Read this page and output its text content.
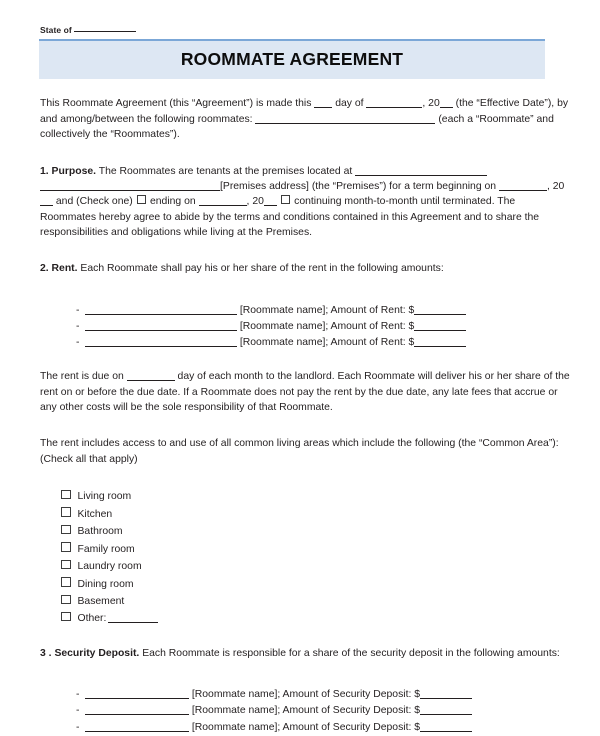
State of
ROOMMATE AGREEMENT

This Roommate Agreement (this “Agreement”) is made this day of	, 20 (the “Effective Date”), by and among/between the following roommates:	(each a “Roommate” and collectively the “Roommates”).

1. Purpose. The Roommates are tenants at the premises located at  [Premises address] (the “Premises”) for a term beginning on	, 20 and (Check one) ending on	, 20	continuing month-to-month until terminated. The Roommates hereby agree to abide by the terms and conditions contained in this Agreement and to share the responsibilities and obligations while living at the Premises.

2. Rent. Each Roommate shall pay his or her share of the rent in the following amounts:

-	[Roommate name]; Amount of Rent: $
-	[Roommate name]; Amount of Rent: $
-	[Roommate name]; Amount of Rent: $

The rent is due on	day of each month to the landlord. Each Roommate will deliver his or her share of the rent on or before the due date. If a Roommate does not pay the rent by the due date, any late fees that accrue or any other costs will be the sole responsibility of that Roommate.

The rent includes access to and use of all common living areas which include the following (the “Common Area”): (Check all that apply)

Living room
Kitchen
Bathroom
Family room
Laundry room
Dining room
Basement
Other:

3 . Security Deposit. Each Roommate is responsible for a share of the security deposit in the following amounts:

-	[Roommate name]; Amount of Security Deposit: $
-	[Roommate name]; Amount of Security Deposit: $
-	[Roommate name]; Amount of Security Deposit: $
